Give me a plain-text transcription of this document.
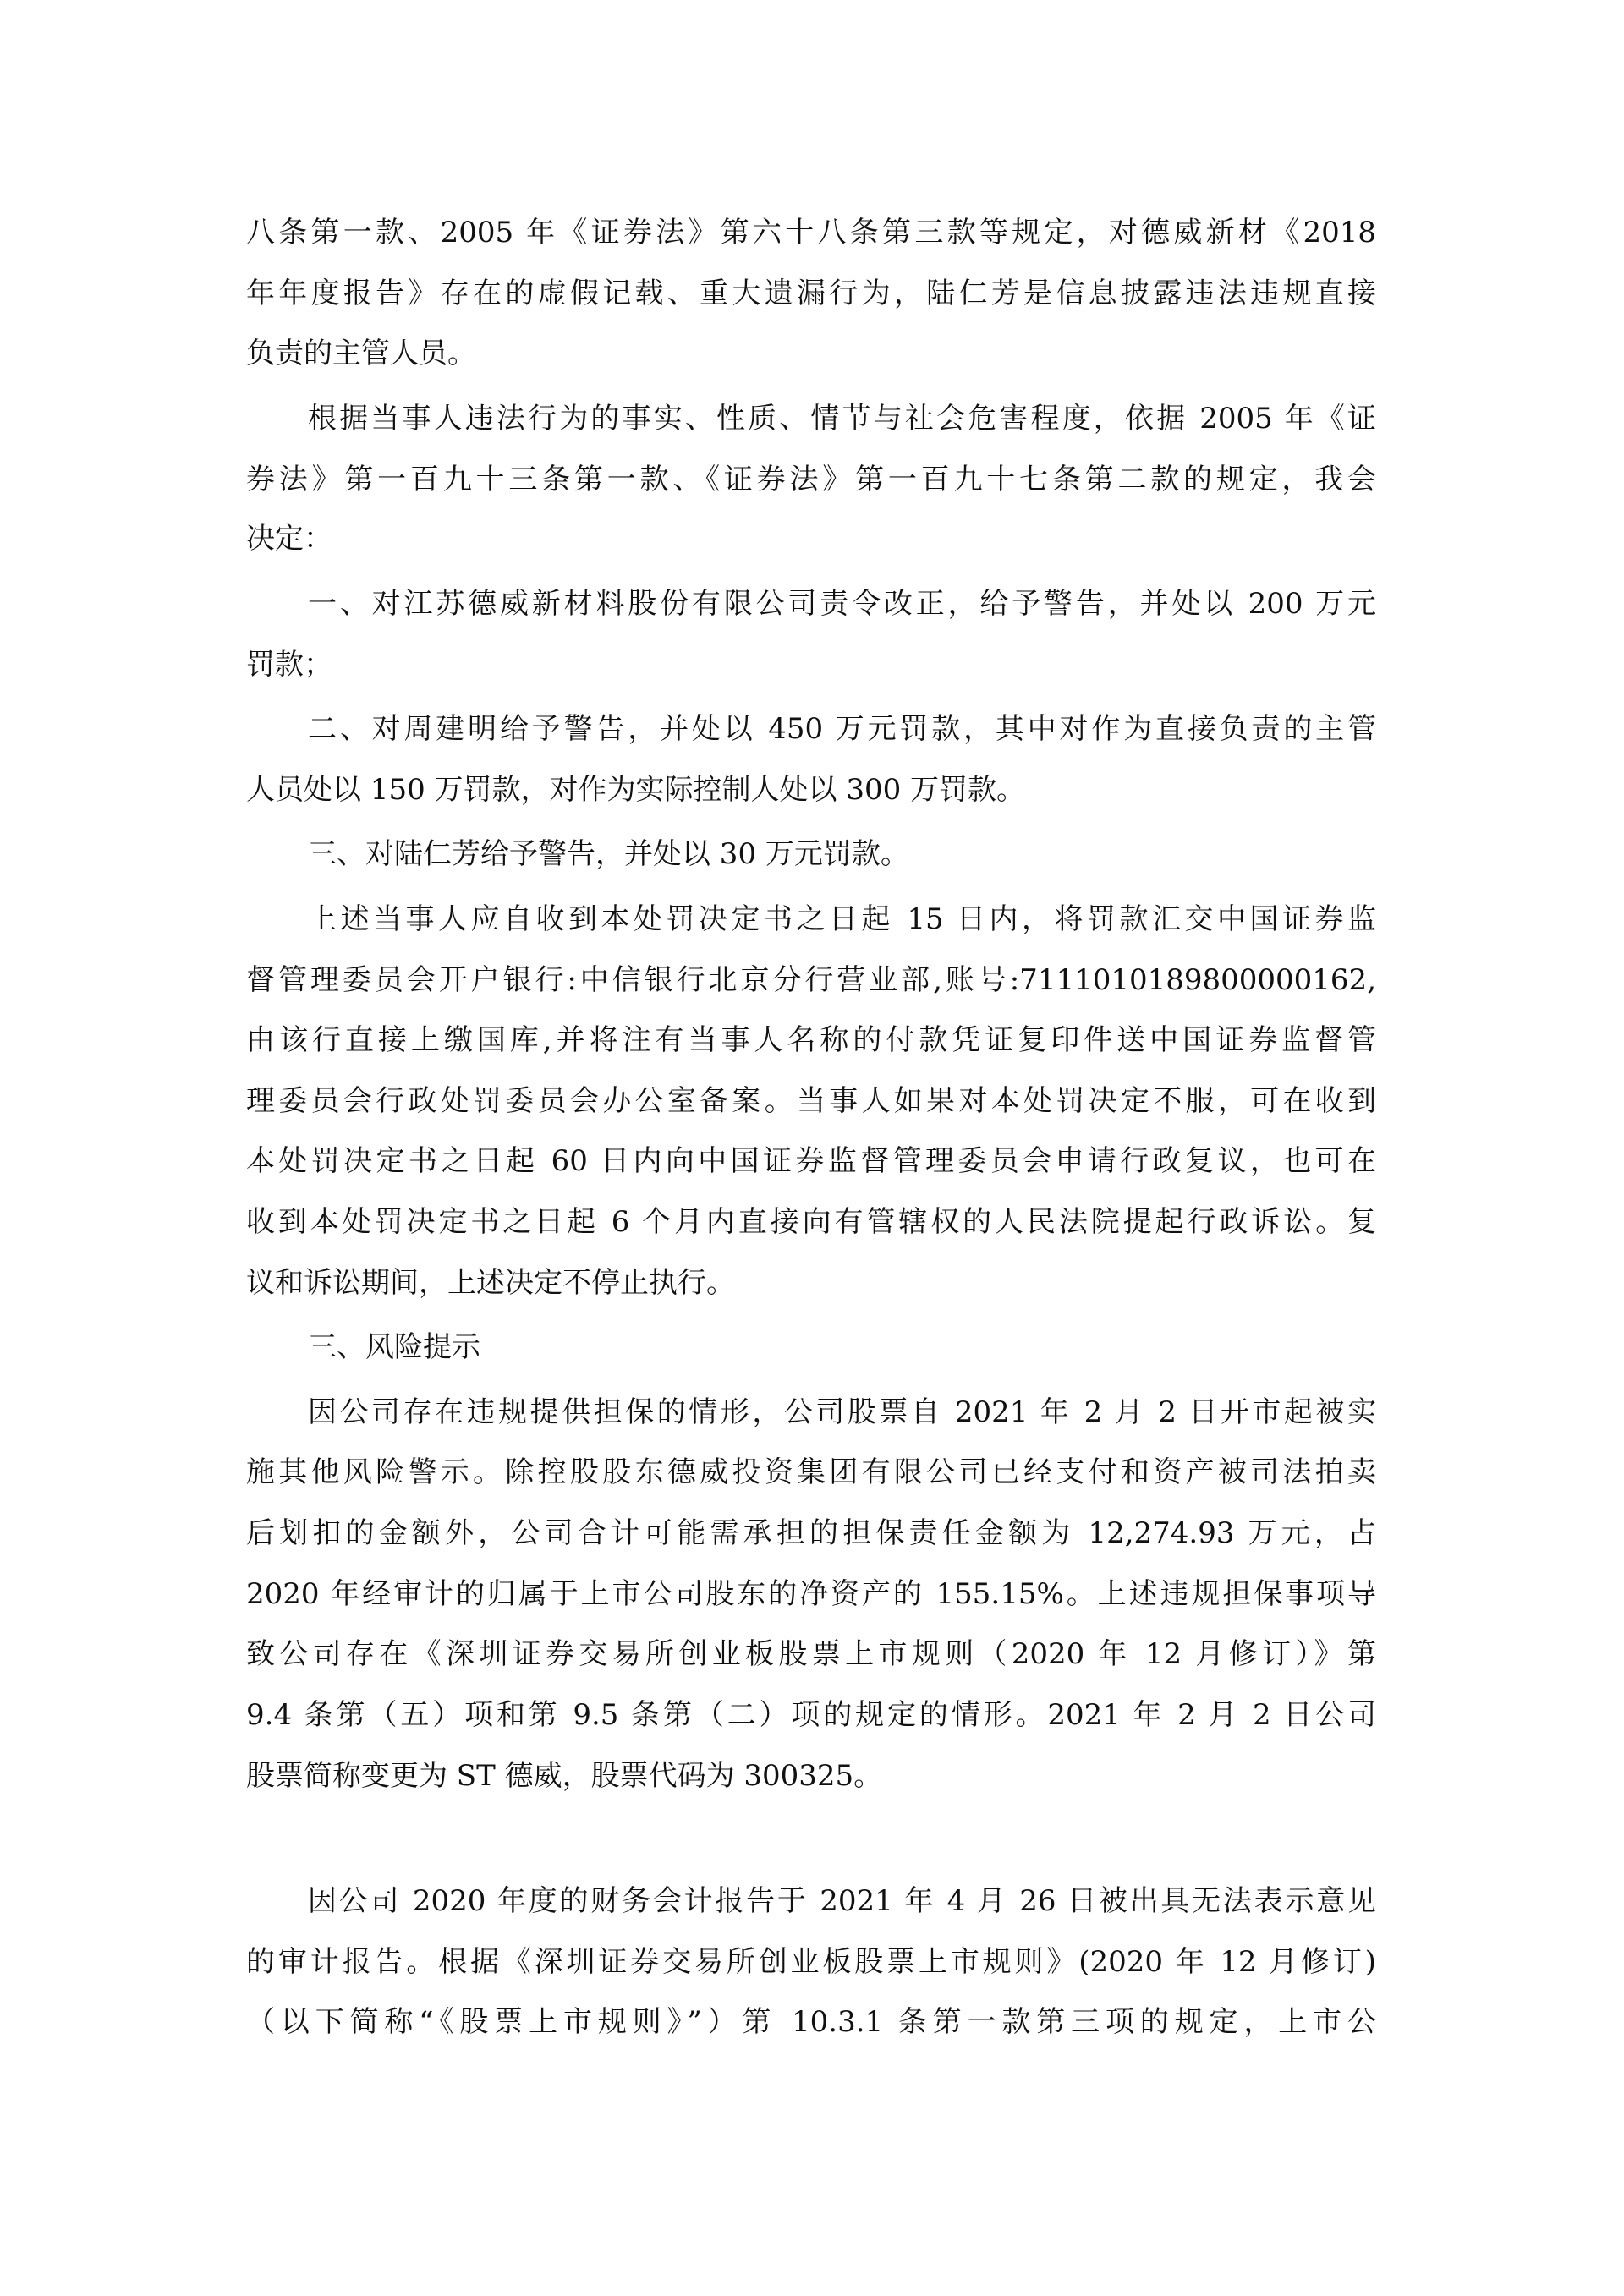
八条第一款、2005 年《证券法》第六十八条第三款等规定，对德威新材《2018
年年度报告》存在的虚假记载、重大遗漏行为，陆仁芳是信息披露违法违规直接
负责的主管人员。
根据当事人违法行为的事实、性质、情节与社会危害程度，依据 2005 年《证
券法》第一百九十三条第一款、《证券法》第一百九十七条第二款的规定，我会
决定：
一、对江苏德威新材料股份有限公司责令改正，给予警告，并处以 200 万元
罚款；
二、对周建明给予警告，并处以 450 万元罚款，其中对作为直接负责的主管
人员处以 150 万罚款，对作为实际控制人处以 300 万罚款。
三、对陆仁芳给予警告，并处以 30 万元罚款。
上述当事人应自收到本处罚决定书之日起 15 日内，将罚款汇交中国证券监
督管理委员会开户银行:中信银行北京分行营业部,账号:7111010189800000162,
由该行直接上缴国库,并将注有当事人名称的付款凭证复印件送中国证券监督管
理委员会行政处罚委员会办公室备案。当事人如果对本处罚决定不服，可在收到
本处罚决定书之日起 60 日内向中国证券监督管理委员会申请行政复议，也可在
收到本处罚决定书之日起 6 个月内直接向有管辖权的人民法院提起行政诉讼。复
议和诉讼期间，上述决定不停止执行。
三、风险提示
因公司存在违规提供担保的情形，公司股票自 2021 年 2 月 2 日开市起被实
施其他风险警示。除控股股东德威投资集团有限公司已经支付和资产被司法拍卖
后划扣的金额外，公司合计可能需承担的担保责任金额为 12,274.93 万元，占
2020 年经审计的归属于上市公司股东的净资产的 155.15%。上述违规担保事项导
致公司存在《深圳证券交易所创业板股票上市规则（2020 年 12 月修订）》第
9.4 条第（五）项和第 9.5 条第（二）项的规定的情形。2021 年 2 月 2 日公司
股票简称变更为 ST 德威，股票代码为 300325。
因公司 2020 年度的财务会计报告于 2021 年 4 月 26 日被出具无法表示意见
的审计报告。根据《深圳证券交易所创业板股票上市规则》(2020 年 12 月修订)
（以下简称“《股票上市规则》”）第 10.3.1 条第一款第三项的规定，上市公
